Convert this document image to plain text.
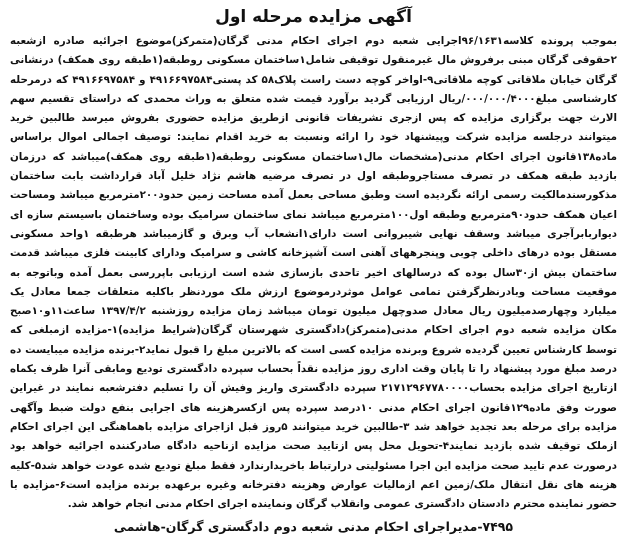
آگهی مزایده مرحله اول

بموجب پرونده کلاسه۹۶/۱۶۳۱اجرایی شعبه دوم اجرای احکام مدنی گرگان(متمرکز)موضوع اجرائیه صادره ازشعبه ۲حقوقی گرگان مبنی برفروش مال غیرمنقول توقیفی شامل۱ساختمان مسکونی روطبقه(۱طبقه روی همکف) درنشانی گرگان خیابان ملاقاتی کوچه ملاقاتی۹-اواخر کوچه دست راست پلاک۵۸ کد پستی۴۹۱۶۶۹۷۵۸۴ و ۴۹۱۶۶۹۷۵۸۴ که درمرحله کارشناسی مبلغ۰۰۰/۰۰۰/۴۰۰۰/ریال ارزیابی گردید برآورد قیمت شده متعلق به وراث محمدی که دراستای تقسیم سهم الارث جهت برگزاری مزایده که پس ازجری تشریفات قانونی ازطریق مزایده حضوری بفروش میرسد طالبین خرید میتوانند درجلسه مزایده شرکت وپیشنهاد خود را ارائه ونسبت به خرید اقدام نمایند: توصیف اجمالی اموال براساس ماده۱۳۸قانون اجرای احکام مدنی(مشخصات مال۱ساختمان مسکونی روطبقه(۱طبقه روی همکف)میباشد که درزمان بازدید طبقه همکف در تصرف مستاجروطبقه اول در تصرف مرضیه هاشم نژاد خلیل آباد قرارداشت بابت ساختمان مذکورسندمالکیت رسمی ارائه نگردیده است وطبق مساحی بعمل آمده مساحت زمین حدود۲۰۰مترمربع میباشد ومساحت اعیان همکف حدود۹۰مترمربع وطبقه اول۱۰۰مترمربع میباشد نمای ساختمان سرامیک بوده وساختمان باسیستم سازه ای دیواربابرآجری میباشد وسقف نهایی شیبروانی است دارای۱انشعاب آب وبرق و گازمیباشد هرطبقه ۱واحد مسکونی مستقل بوده درهای داخلی چوبی وپنجرههای آهنی است آشپزخانه کاشی و سرامیک ودارای کابینت فلزی میباشد قدمت ساختمان بیش از۳۰سال بوده که درسالهای اخیر تاحدی بازسازی شده است ارزیابی باپررسی بعمل آمده وباتوجه به موقعیت مساحت وبادرنظرگرفتن تمامی عوامل موثردرموضوع ارزش ملک موردنظر باکلیه متعلقات جمعا معادل یک میلیارد وچهارصدمیلیون ریال معادل صدوچهل میلیون تومان میباشد زمان مزایده روزشنبه ۱۳۹۷/۴/۲ ساعت۱۱و۱۰صبح مکان مزایده شعبه دوم اجرای احکام مدنی(متمرکز)دادگستری شهرستان گرگان(شرایط مزایده)۱-مزایده ازمبلغی که توسط کارشناس تعیین گردیده شروع وبرنده مزایده کسی است که بالاترین مبلغ را قبول نماید۲-برنده مزایده میبایست ده درصد مبلغ مورد پیشنهاد را تا پایان وقت اداری روز مزایده نقداً بحساب سپرده دادگستری تودیع ومابقی آنرا ظرف یکماه ازتاریخ اجرای مزایده بحساب۲۱۷۱۲۹۶۷۷۸۰۰۰۰ سپرده دادگستری واریز وفیش آن را تسلیم دفترشعبه نمایند در غیراین صورت وفق ماده۱۲۹قانون اجرای احکام مدنی ۱۰درصد سپرده پس ازکسرهزینه های اجرایی بنفع دولت ضبط وآگهی مزایده برای مرحله بعد تجدید خواهد شد ۳-طالبین خرید میتوانند ۵روز قبل ازاجرای مزایده باهماهنگی این اجرای احکام ازملک توقیف شده بازدید نمایند۴-تحویل محل پس ازتایید صحت مزایده ازناحیه دادگاه صادرکننده اجرائیه خواهد بود درصورت عدم تایید صحت مزایده این اجرا مسئولیتی درارتباط باخریدارندارد فقط مبلغ تودیع شده عودت خواهد شد۵-کلیه هزینه های نقل انتقال ملک/زمین اعم ازمالیات عوارض وهزینه دفترخانه وغیره برعهده برنده مزایده است۶-مزایده با حضور نماینده محترم دادستان دادگستری عمومی وانقلاب گرگان ونماینده اجرای احکام مدنی انجام خواهد شد.

۷۴۹۵-مدیراجرای احکام مدنی شعبه دوم دادگستری گرگان-هاشمی
